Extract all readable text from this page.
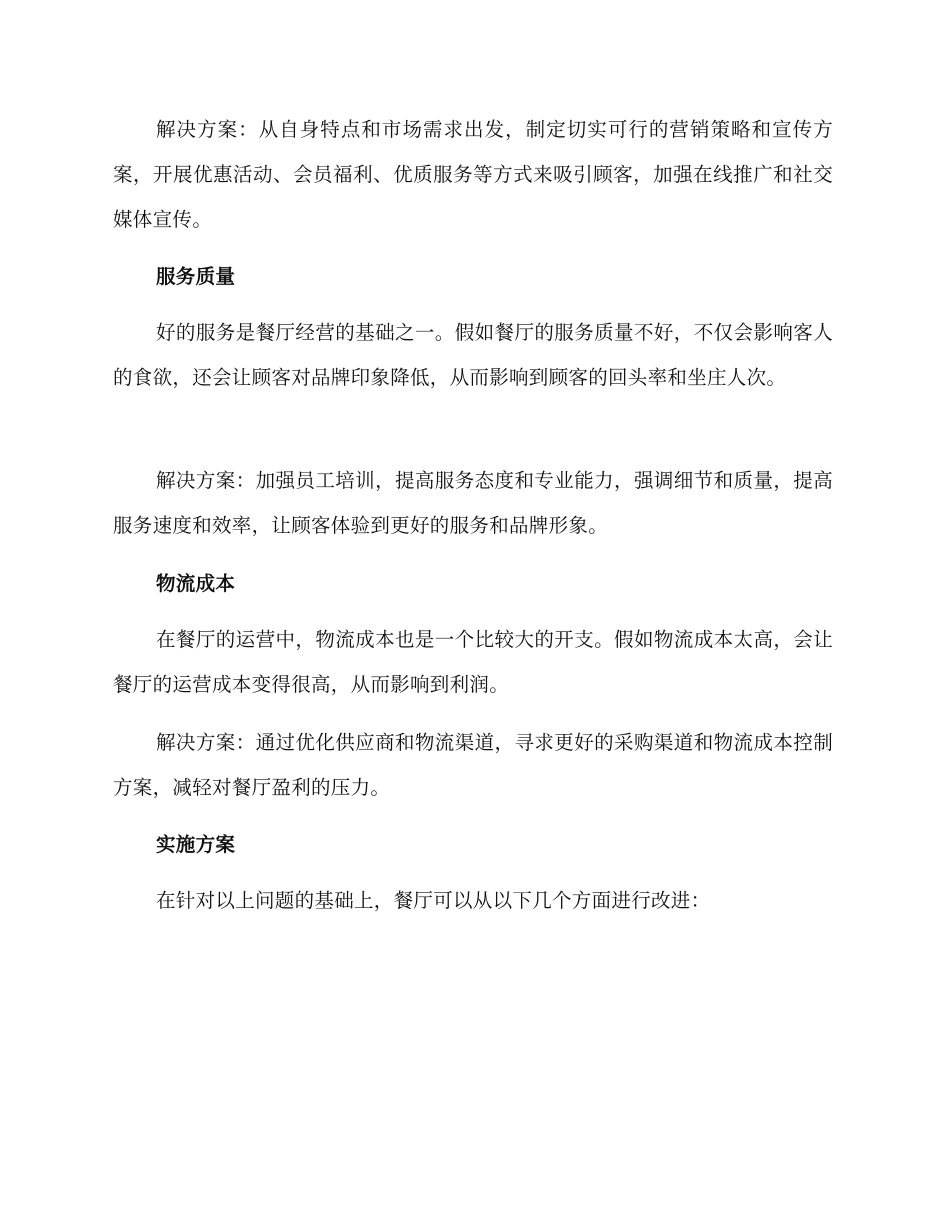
解决方案：从自身特点和市场需求出发，制定切实可行的营销策略和宣传方案，开展优惠活动、会员福利、优质服务等方式来吸引顾客，加强在线推广和社交媒体宣传。

服务质量

好的服务是餐厅经营的基础之一。假如餐厅的服务质量不好，不仅会影响客人的食欲，还会让顾客对品牌印象降低，从而影响到顾客的回头率和坐庄人次。

解决方案：加强员工培训，提高服务态度和专业能力，强调细节和质量，提高服务速度和效率，让顾客体验到更好的服务和品牌形象。

物流成本

在餐厅的运营中，物流成本也是一个比较大的开支。假如物流成本太高，会让餐厅的运营成本变得很高，从而影响到利润。

解决方案：通过优化供应商和物流渠道，寻求更好的采购渠道和物流成本控制方案，减轻对餐厅盈利的压力。

实施方案

在针对以上问题的基础上，餐厅可以从以下几个方面进行改进：
